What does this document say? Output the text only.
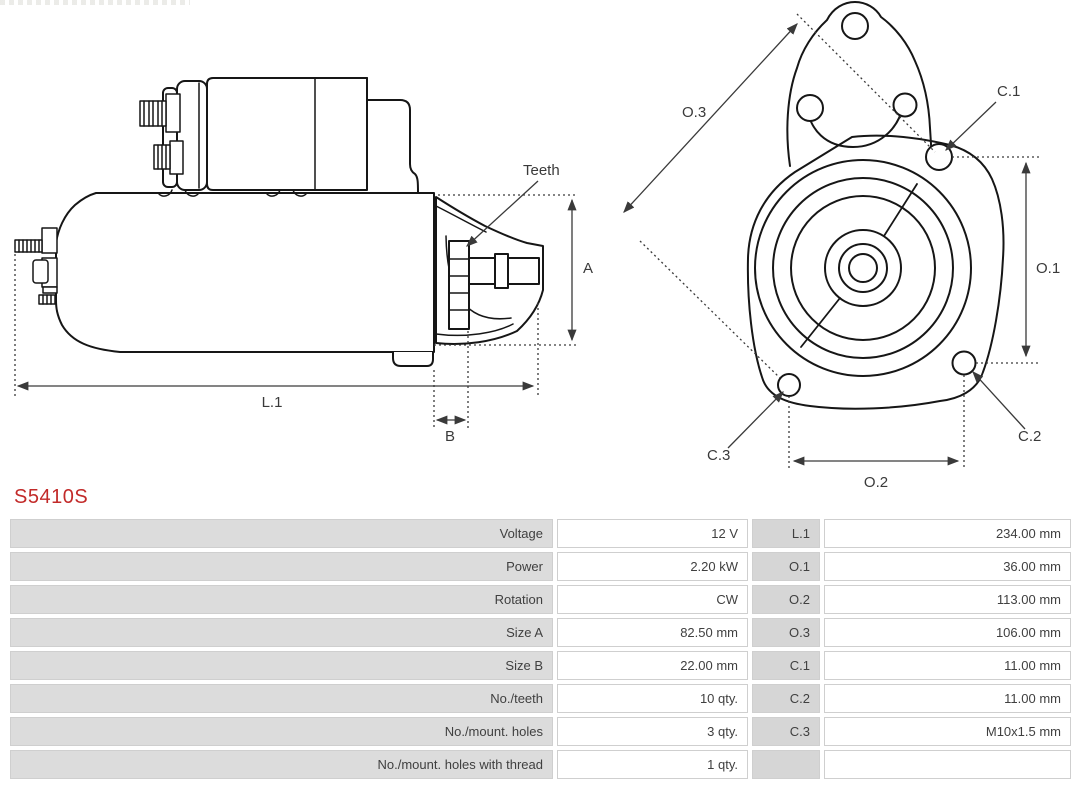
A
L.1
B
Teeth
O.3
O.1
O.2
C.1
C.2
C.3
S5410S
Voltage	12 V	L.1	234.00 mm
Power	2.20 kW	O.1	36.00 mm
Rotation	CW	O.2	113.00 mm
Size A	82.50 mm	O.3	106.00 mm
Size B	22.00 mm	C.1	11.00 mm
No./teeth	10 qty.	C.2	11.00 mm
No./mount. holes	3 qty.	C.3	M10x1.5 mm
No./mount. holes with thread	1 qty.
